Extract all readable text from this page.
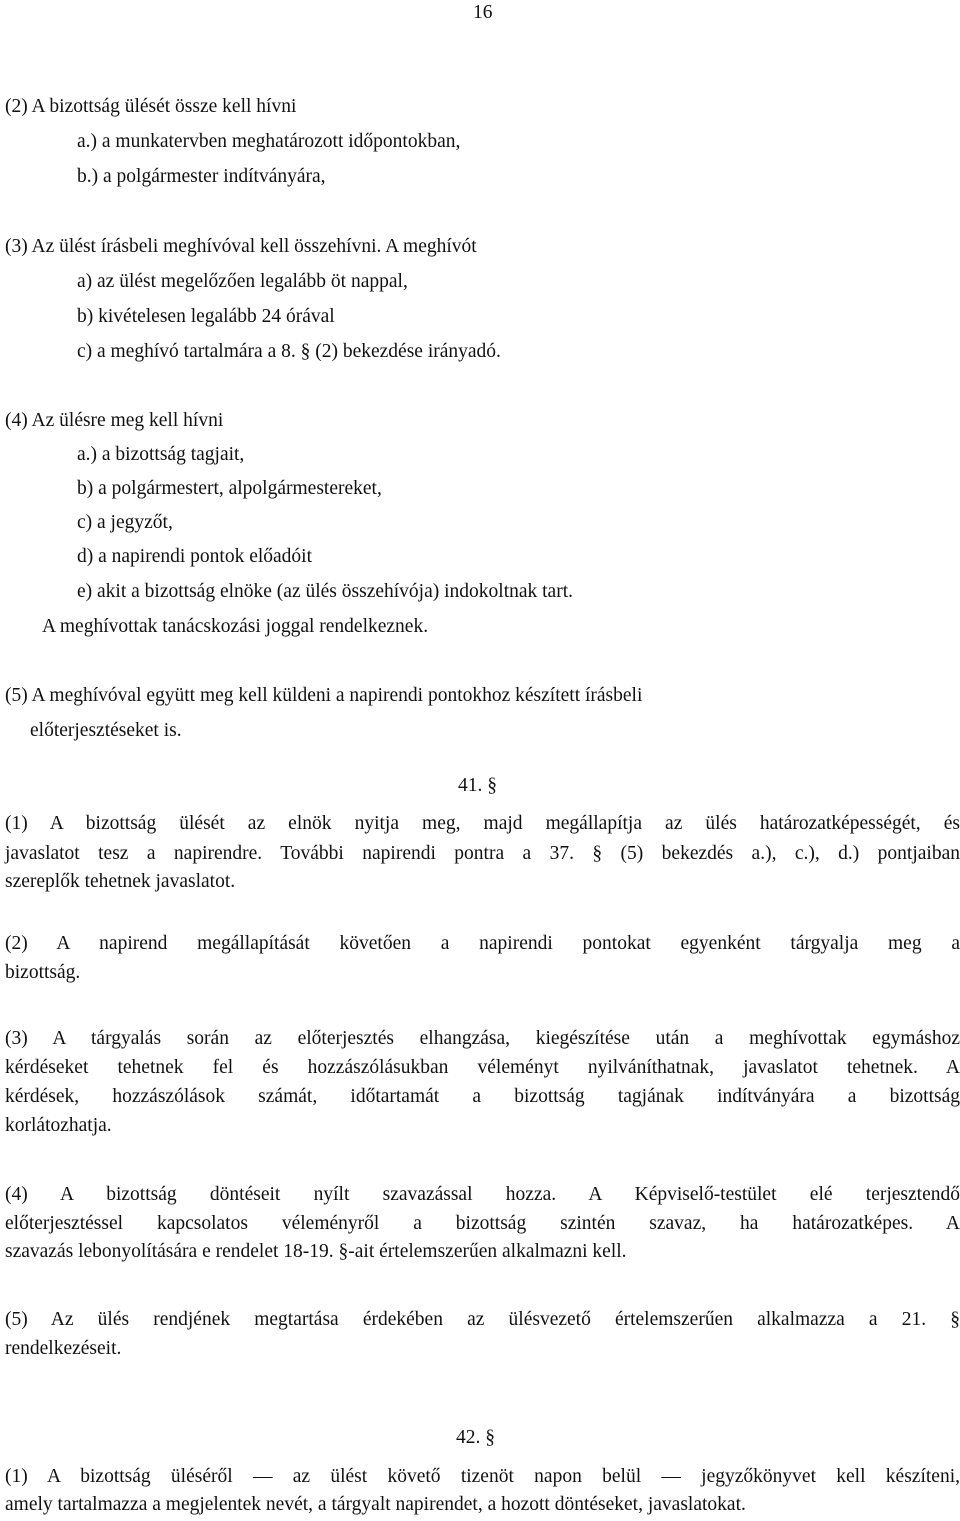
16
(2) A bizottság ülését össze kell hívni
a.) a munkatervben meghatározott időpontokban,
b.) a polgármester indítványára,
(3) Az ülést írásbeli meghívóval kell összehívni. A meghívót
a) az ülést megelőzően legalább öt nappal,
b) kivételesen legalább 24 órával
c) a meghívó tartalmára a 8. § (2) bekezdése irányadó.
(4) Az ülésre meg kell hívni
a.) a bizottság tagjait,
b) a polgármestert, alpolgármestereket,
c) a jegyzőt,
d) a napirendi pontok előadóit
e) akit a bizottság elnöke (az ülés összehívója) indokoltnak tart.
A meghívottak tanácskozási joggal rendelkeznek.
(5) A meghívóval együtt meg kell küldeni a napirendi pontokhoz készített írásbeli
előterjesztéseket is.
41. §
(1) A bizottság ülését az elnök nyitja meg, majd megállapítja az ülés határozatképességét, és
javaslatot tesz a napirendre. További napirendi pontra a 37. § (5) bekezdés a.), c.), d.) pontjaiban
szereplők tehetnek javaslatot.
(2) A napirend megállapítását követően a napirendi pontokat egyenként tárgyalja meg a
bizottság.
(3) A tárgyalás során az előterjesztés elhangzása, kiegészítése után a meghívottak egymáshoz
kérdéseket tehetnek fel és hozzászólásukban véleményt nyilváníthatnak, javaslatot tehetnek. A
kérdések, hozzászólások számát, időtartamát a bizottság tagjának indítványára a bizottság
korlátozhatja.
(4) A bizottság döntéseit nyílt szavazással hozza. A Képviselő-testület elé terjesztendő
előterjesztéssel kapcsolatos véleményről a bizottság szintén szavaz, ha határozatképes. A
szavazás lebonyolítására e rendelet 18-19. §-ait értelemszerűen alkalmazni kell.
(5) Az ülés rendjének megtartása érdekében az ülésvezető értelemszerűen alkalmazza a 21. §
rendelkezéseit.
42. §
(1) A bizottság üléséről — az ülést követő tizenöt napon belül — jegyzőkönyvet kell készíteni,
amely tartalmazza a megjelentek nevét, a tárgyalt napirendet, a hozott döntéseket, javaslatokat.
